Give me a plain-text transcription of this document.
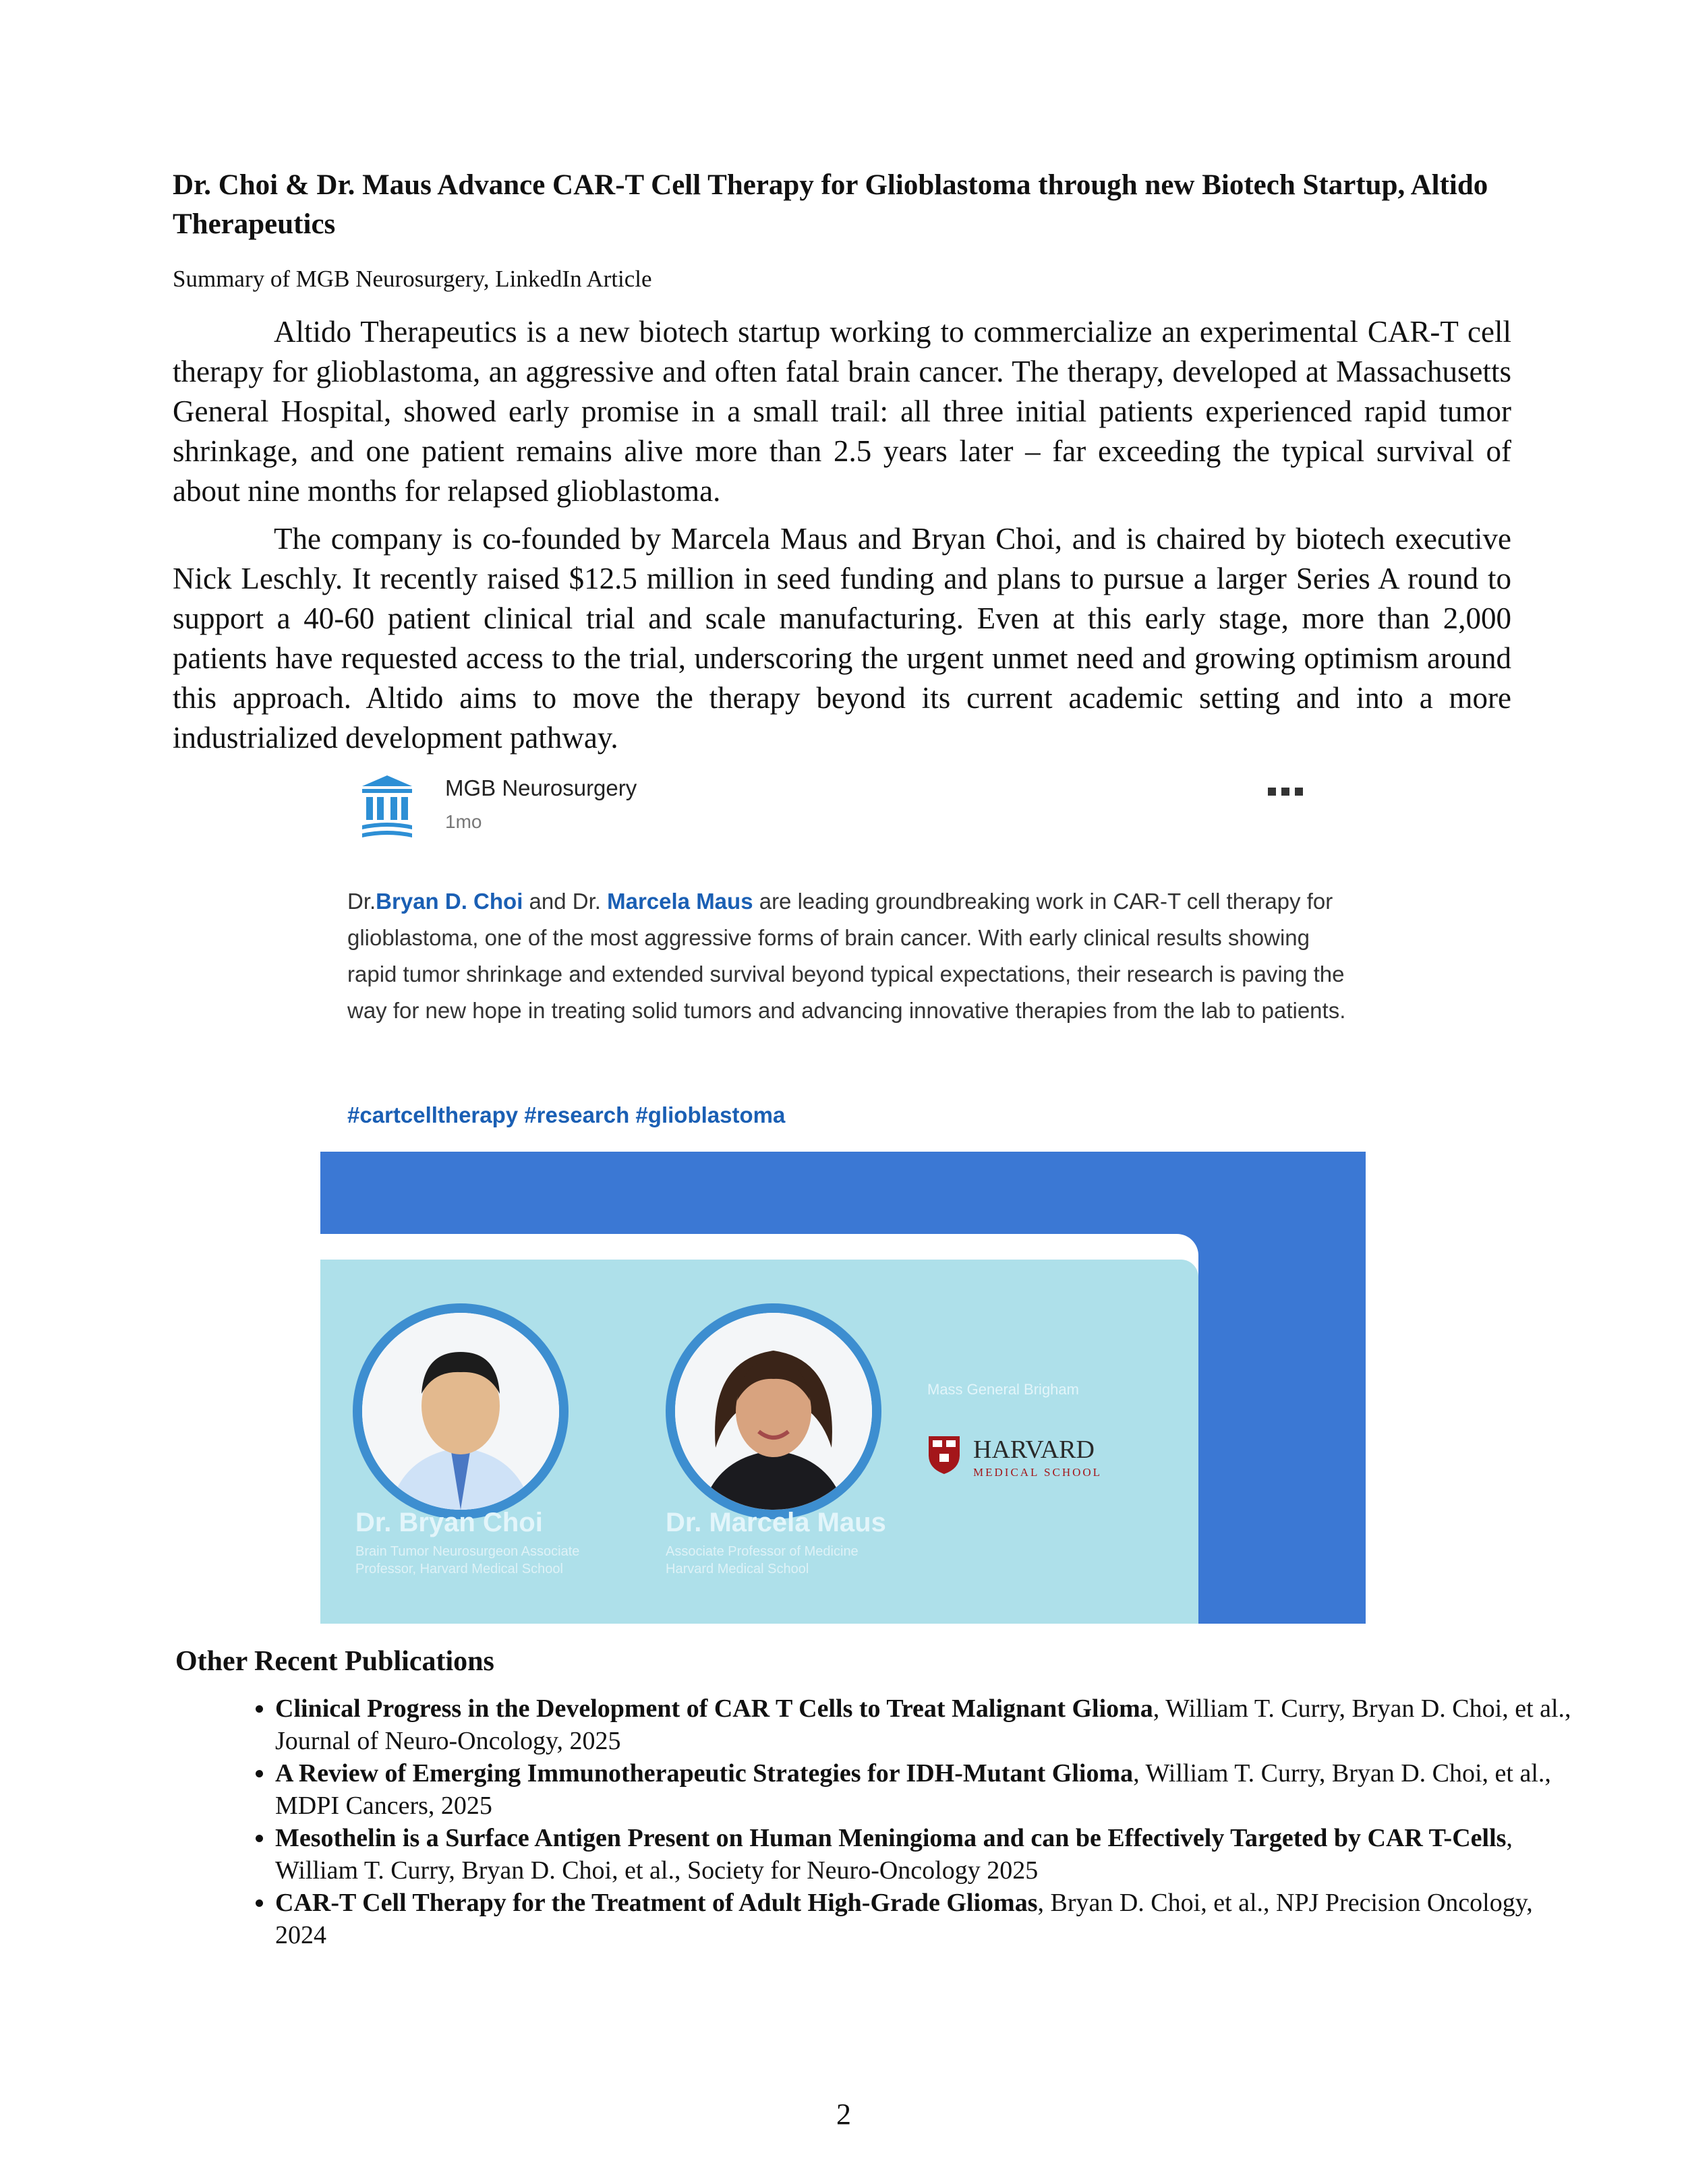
Dr. Choi & Dr. Maus Advance CAR-T Cell Therapy for Glioblastoma through new Biotech Startup, Altido Therapeutics
Summary of MGB Neurosurgery, LinkedIn Article

Altido Therapeutics is a new biotech startup working to commercialize an experimental CAR-T cell therapy for glioblastoma, an aggressive and often fatal brain cancer. The therapy, developed at Massachusetts General Hospital, showed early promise in a small trail: all three initial patients experienced rapid tumor shrinkage, and one patient remains alive more than 2.5 years later – far exceeding the typical survival of about nine months for relapsed glioblastoma.

The company is co-founded by Marcela Maus and Bryan Choi, and is chaired by biotech executive Nick Leschly. It recently raised $12.5 million in seed funding and plans to pursue a larger Series A round to support a 40-60 patient clinical trial and scale manufacturing. Even at this early stage, more than 2,000 patients have requested access to the trial, underscoring the urgent unmet need and growing optimism around this approach. Altido aims to move the therapy beyond its current academic setting and into a more industrialized development pathway.

MGB Neurosurgery
1mo

Dr.Bryan D. Choi and Dr. Marcela Maus are leading groundbreaking work in CAR-T cell therapy for glioblastoma, one of the most aggressive forms of brain cancer. With early clinical results showing rapid tumor shrinkage and extended survival beyond typical expectations, their research is paving the way for new hope in treating solid tumors and advancing innovative therapies from the lab to patients.

#cartcelltherapy #research #glioblastoma
Dr. Bryan Choi
Brain Tumor Neurosurgeon Associate Professor, Harvard Medical School
Dr. Marcela Maus
Associate Professor of Medicine Harvard Medical School
Mass General Brigham
HARVARD
MEDICAL SCHOOL
Other Recent Publications
• Clinical Progress in the Development of CAR T Cells to Treat Malignant Glioma, William T. Curry, Bryan D. Choi, et al., Journal of Neuro-Oncology, 2025
• A Review of Emerging Immunotherapeutic Strategies for IDH-Mutant Glioma, William T. Curry, Bryan D. Choi, et al., MDPI Cancers, 2025
• Mesothelin is a Surface Antigen Present on Human Meningioma and can be Effectively Targeted by CAR T-Cells, William T. Curry, Bryan D. Choi, et al., Society for Neuro-Oncology 2025
• CAR-T Cell Therapy for the Treatment of Adult High-Grade Gliomas, Bryan D. Choi, et al., NPJ Precision Oncology, 2024
2
